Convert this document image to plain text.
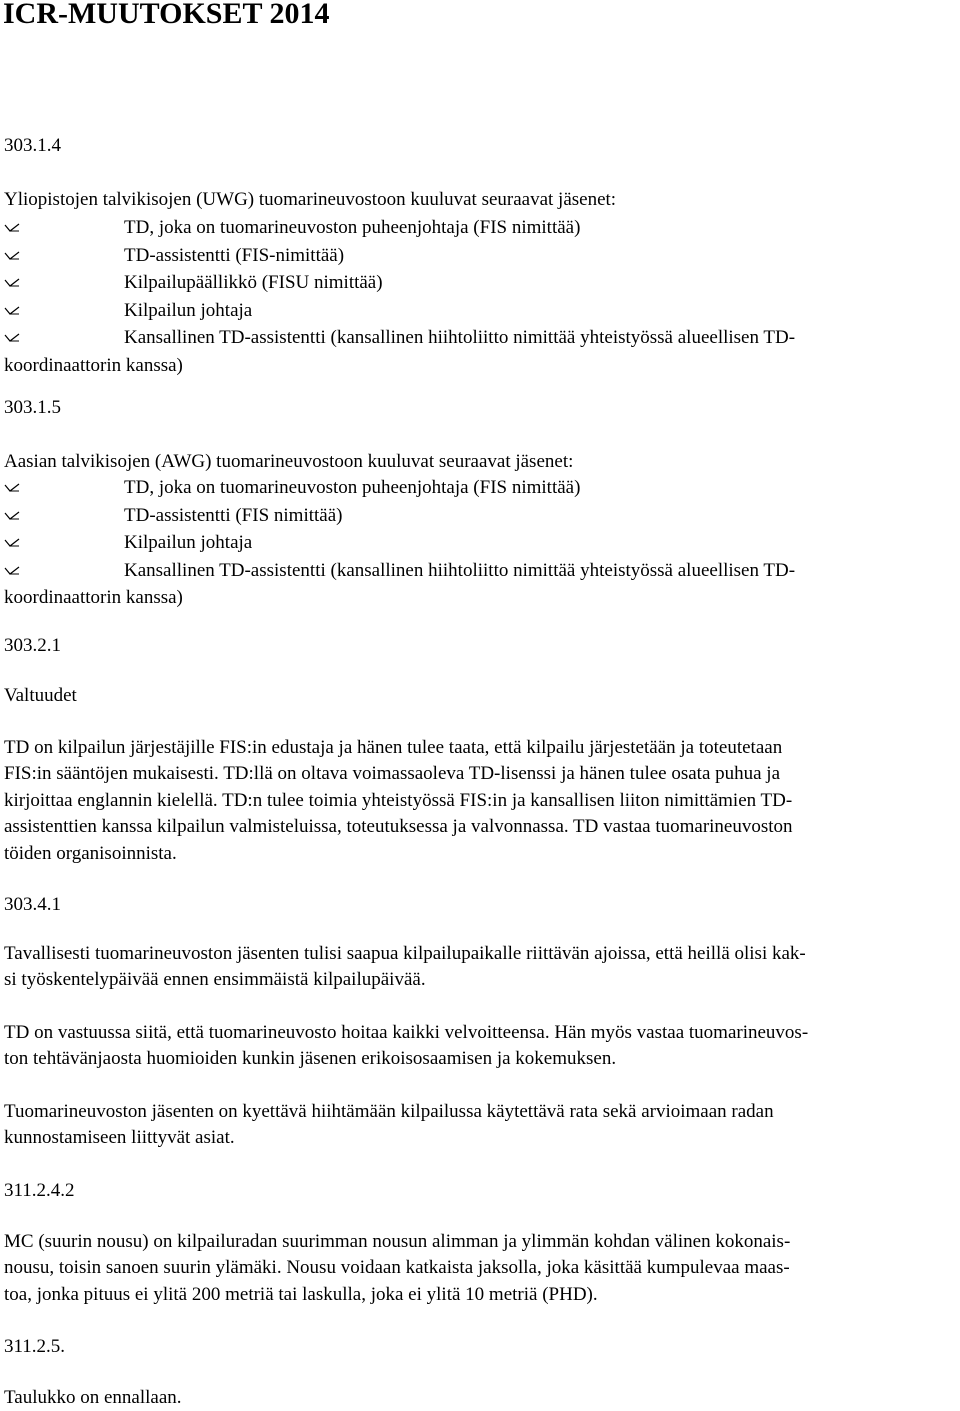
ICR-MUUTOKSET 2014
303.1.4
Yliopistojen talvikisojen (UWG) tuomarineuvostoon kuuluvat seuraavat jäsenet:
TD, joka on tuomarineuvoston puheenjohtaja (FIS nimittää)
TD-assistentti (FIS-nimittää)
Kilpailupäällikkö (FISU nimittää)
Kilpailun johtaja
Kansallinen TD-assistentti (kansallinen hiihtoliitto nimittää yhteistyössä alueellisen TD-
koordinaattorin kanssa)
303.1.5
Aasian talvikisojen (AWG) tuomarineuvostoon kuuluvat seuraavat jäsenet:
TD, joka on tuomarineuvoston puheenjohtaja (FIS nimittää)
TD-assistentti (FIS nimittää)
Kilpailun johtaja
Kansallinen TD-assistentti (kansallinen hiihtoliitto nimittää yhteistyössä alueellisen TD-
koordinaattorin kanssa)
303.2.1
Valtuudet
TD on kilpailun järjestäjille FIS:in edustaja ja hänen tulee taata, että kilpailu järjestetään ja toteutetaan
FIS:in sääntöjen mukaisesti. TD:llä on oltava voimassaoleva TD-lisenssi ja hänen tulee osata puhua ja
kirjoittaa englannin kielellä. TD:n tulee toimia yhteistyössä FIS:in ja kansallisen liiton nimittämien TD-
assistenttien kanssa kilpailun valmisteluissa, toteutuksessa ja valvonnassa. TD vastaa tuomarineuvoston
töiden organisoinnista.
303.4.1
Tavallisesti tuomarineuvoston jäsenten tulisi saapua kilpailupaikalle riittävän ajoissa, että heillä olisi kak-
si työskentelypäivää ennen ensimmäistä kilpailupäivää.
TD on vastuussa siitä, että tuomarineuvosto hoitaa kaikki velvoitteensa. Hän myös vastaa tuomarineuvos-
ton tehtävänjaosta huomioiden kunkin jäsenen erikoisosaamisen ja kokemuksen.
Tuomarineuvoston jäsenten on kyettävä hiihtämään kilpailussa käytettävä rata sekä arvioimaan radan
kunnostamiseen liittyvät asiat.
311.2.4.2
MC (suurin nousu) on kilpailuradan suurimman nousun alimman ja ylimmän kohdan välinen kokonais-
nousu, toisin sanoen suurin ylämäki. Nousu voidaan katkaista jaksolla, joka käsittää kumpulevaa maas-
toa, jonka pituus ei ylitä 200 metriä tai laskulla, joka ei ylitä 10 metriä (PHD).
311.2.5.
Taulukko on ennallaan.
